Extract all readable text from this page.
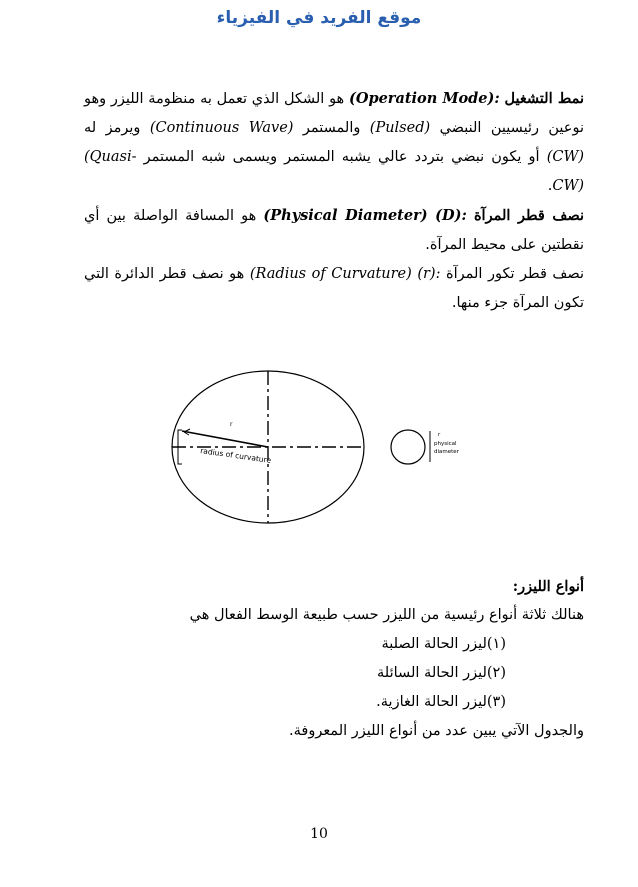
موقع الفريد في الفيزياء

نمط التشغيل (Operation Mode): هو الشكل الذي تعمل به منظومة الليزر وهو نوعين رئيسيين النبضي (Pulsed) والمستمر (Continuous Wave) ويرمز له (CW) أو يكون نبضي بتردد عالي يشبه المستمر ويسمى شبه المستمر (Quasi-CW).

نصف قطر المرآة (Physical Diameter) (D): هو المسافة الواصلة بين أي نقطتين على محيط المرآة.

نصف قطر تكور المرآة (Radius of Curvature) (r): هو نصف قطر الدائرة التي تكون المرآة جزء منها.

r
radius of curvature
r
physical
diameter

أنواع الليزر:

هنالك ثلاثة أنواع رئيسية من الليزر حسب طبيعة الوسط الفعال هي

(١)ليزر الحالة الصلبة

(٢)ليزر الحالة السائلة

(٣)ليزر الحالة الغازية.

والجدول الآتي يبين عدد من أنواع الليزر المعروفة.

10
